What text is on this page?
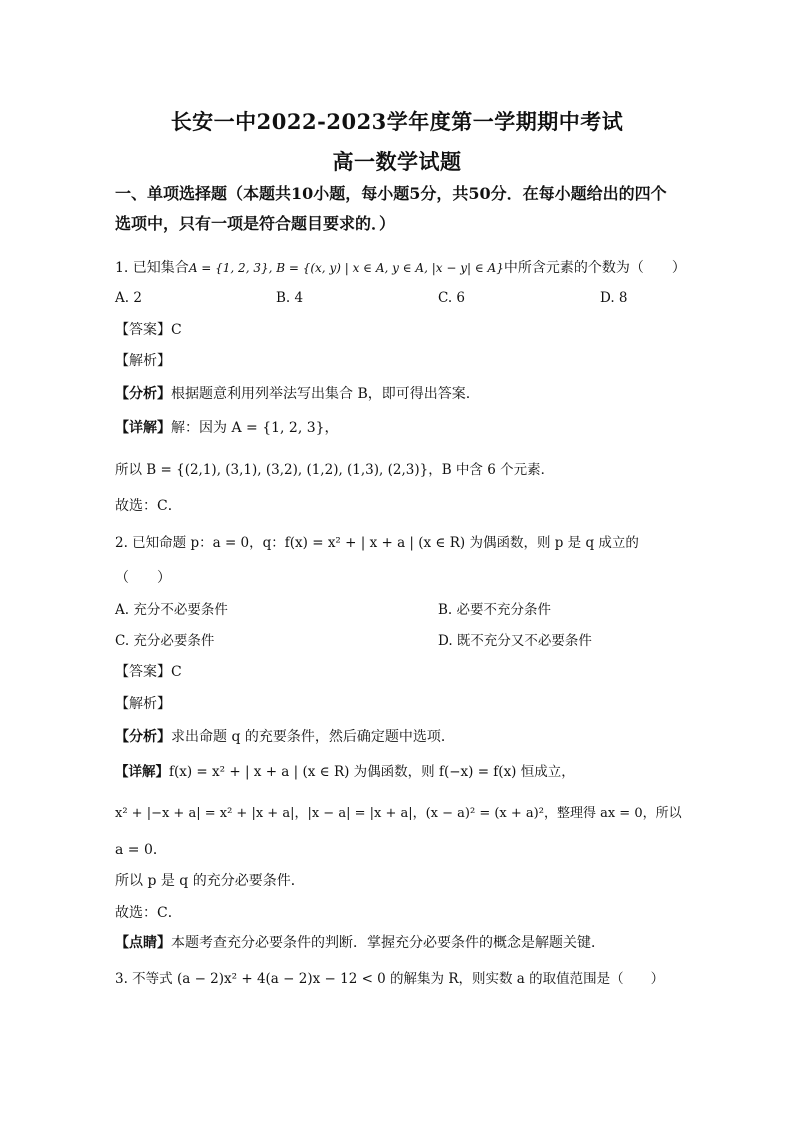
长安一中2022-2023学年度第一学期期中考试
高一数学试题
一、单项选择题（本题共10小题，每小题5分，共50分．在每小题给出的四个
选项中，只有一项是符合题目要求的．）
1. 已知集合A = {1, 2, 3}, B = {(x, y) | x ∈ A, y ∈ A, |x − y| ∈ A}中所含元素的个数为（　　）
A. 2	B. 4	C. 6	D. 8
【答案】C
【解析】
【分析】根据题意利用列举法写出集合 B，即可得出答案.
【详解】解：因为 A = {1, 2, 3}，
所以 B = {(2,1), (3,1), (3,2), (1,2), (1,3), (2,3)}，B 中含 6 个元素．
故选：C．
2. 已知命题 p：a = 0，q：f(x) = x² + | x + a | (x ∈ R) 为偶函数，则 p 是 q 成立的
（　　）
A. 充分不必要条件	B. 必要不充分条件
C. 充分必要条件	D. 既不充分又不必要条件
【答案】C
【解析】
【分析】求出命题 q 的充要条件，然后确定题中选项．
【详解】f(x) = x² + | x + a | (x ∈ R) 为偶函数，则 f(−x) = f(x) 恒成立，
x² + |−x + a| = x² + |x + a|，|x − a| = |x + a|，(x − a)² = (x + a)²，整理得 ax = 0，所以
a = 0．
所以 p 是 q 的充分必要条件．
故选：C．
【点睛】本题考查充分必要条件的判断．掌握充分必要条件的概念是解题关键．
3. 不等式 (a − 2)x² + 4(a − 2)x − 12 < 0 的解集为 R，则实数 a 的取值范围是（　　）
